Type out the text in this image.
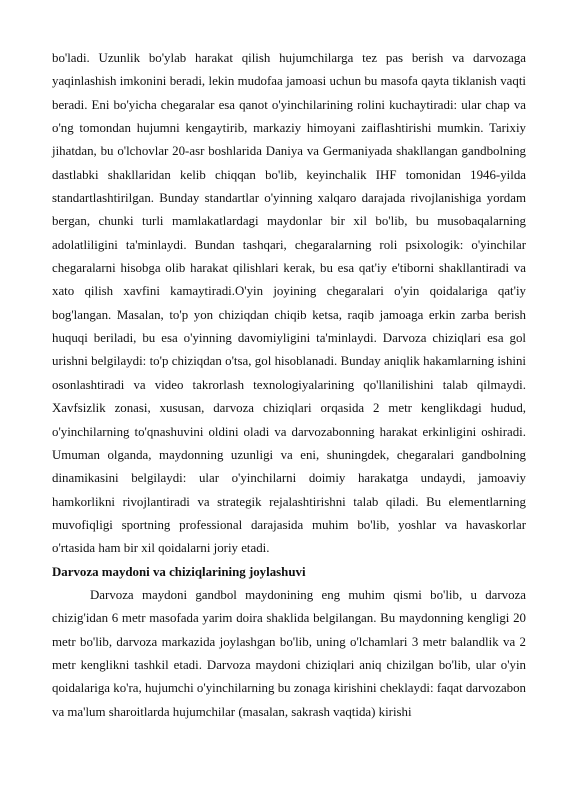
bo'ladi. Uzunlik bo'ylab harakat qilish hujumchilarga tez pas berish va darvozaga yaqinlashish imkonini beradi, lekin mudofaa jamoasi uchun bu masofa qayta tiklanish vaqti beradi. Eni bo'yicha chegaralar esa qanot o'yinchilarining rolini kuchaytiradi: ular chap va o'ng tomondan hujumni kengaytirib, markaziy himoyani zaiflashtirishi mumkin. Tarixiy jihatdan, bu o'lchovlar 20-asr boshlarida Daniya va Germaniyada shakllangan gandbolning dastlabki shakllaridan kelib chiqqan bo'lib, keyinchalik IHF tomonidan 1946-yilda standartlashtirilgan. Bunday standartlar o'yinning xalqaro darajada rivojlanishiga yordam bergan, chunki turli mamlakatlardagi maydonlar bir xil bo'lib, bu musobaqalarning adolatliligini ta'minlaydi. Bundan tashqari, chegaralarning roli psixologik: o'yinchilar chegaralarni hisobga olib harakat qilishlari kerak, bu esa qat'iy e'tiborni shakllantiradi va xato qilish xavfini kamaytiradi.O'yin joyining chegaralari o'yin qoidalariga qat'iy bog'langan. Masalan, to'p yon chiziqdan chiqib ketsa, raqib jamoaga erkin zarba berish huquqi beriladi, bu esa o'yinning davomiyligini ta'minlaydi. Darvoza chiziqlari esa gol urishni belgilaydi: to'p chiziqdan o'tsa, gol hisoblanadi. Bunday aniqlik hakamlarning ishini osonlashtiradi va video takrorlash texnologiyalarining qo'llanilishini talab qilmaydi. Xavfsizlik zonasi, xususan, darvoza chiziqlari orqasida 2 metr kenglikdagi hudud, o'yinchilarning to'qnashuvini oldini oladi va darvozabonning harakat erkinligini oshiradi. Umuman olganda, maydonning uzunligi va eni, shuningdek, chegaralari gandbolning dinamikasini belgilaydi: ular o'yinchilarni doimiy harakatga undaydi, jamoaviy hamkorlikni rivojlantiradi va strategik rejalashtirishni talab qiladi. Bu elementlarning muvofiqligi sportning professional darajasida muhim bo'lib, yoshlar va havaskorlar o'rtasida ham bir xil qoidalarni joriy etadi.

Darvoza maydoni va chiziqlarining joylashuvi

Darvoza maydoni gandbol maydonining eng muhim qismi bo'lib, u darvoza chizig'idan 6 metr masofada yarim doira shaklida belgilangan. Bu maydonning kengligi 20 metr bo'lib, darvoza markazida joylashgan bo'lib, uning o'lchamlari 3 metr balandlik va 2 metr kenglikni tashkil etadi. Darvoza maydoni chiziqlari aniq chizilgan bo'lib, ular o'yin qoidalariga ko'ra, hujumchi o'yinchilarning bu zonaga kirishini cheklaydi: faqat darvozabon va ma'lum sharoitlarda hujumchilar (masalan, sakrash vaqtida) kirishi
